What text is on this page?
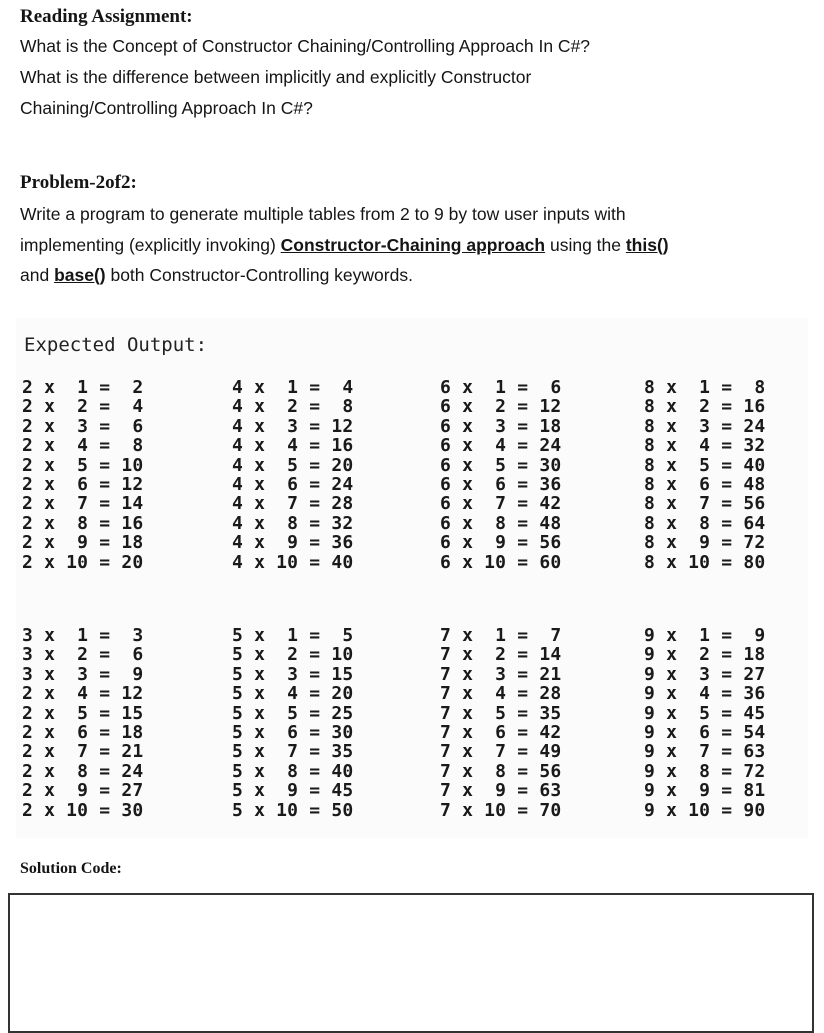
Reading Assignment:
What is the Concept of Constructor Chaining/Controlling Approach In C#?
What is the difference between implicitly and explicitly Constructor
Chaining/Controlling Approach In C#?
Problem-2of2:
Write a program to generate multiple tables from 2 to 9 by tow user inputs with
implementing (explicitly invoking) Constructor-Chaining approach using the this()
and base() both Constructor-Controlling keywords.
Expected Output:
2 x  1 =  2
2 x  2 =  4
2 x  3 =  6
2 x  4 =  8
2 x  5 = 10
2 x  6 = 12
2 x  7 = 14
2 x  8 = 16
2 x  9 = 18
2 x 10 = 20
4 x  1 =  4
4 x  2 =  8
4 x  3 = 12
4 x  4 = 16
4 x  5 = 20
4 x  6 = 24
4 x  7 = 28
4 x  8 = 32
4 x  9 = 36
4 x 10 = 40
6 x  1 =  6
6 x  2 = 12
6 x  3 = 18
6 x  4 = 24
6 x  5 = 30
6 x  6 = 36
6 x  7 = 42
6 x  8 = 48
6 x  9 = 56
6 x 10 = 60
8 x  1 =  8
8 x  2 = 16
8 x  3 = 24
8 x  4 = 32
8 x  5 = 40
8 x  6 = 48
8 x  7 = 56
8 x  8 = 64
8 x  9 = 72
8 x 10 = 80
3 x  1 =  3
3 x  2 =  6
3 x  3 =  9
2 x  4 = 12
2 x  5 = 15
2 x  6 = 18
2 x  7 = 21
2 x  8 = 24
2 x  9 = 27
2 x 10 = 30
5 x  1 =  5
5 x  2 = 10
5 x  3 = 15
5 x  4 = 20
5 x  5 = 25
5 x  6 = 30
5 x  7 = 35
5 x  8 = 40
5 x  9 = 45
5 x 10 = 50
7 x  1 =  7
7 x  2 = 14
7 x  3 = 21
7 x  4 = 28
7 x  5 = 35
7 x  6 = 42
7 x  7 = 49
7 x  8 = 56
7 x  9 = 63
7 x 10 = 70
9 x  1 =  9
9 x  2 = 18
9 x  3 = 27
9 x  4 = 36
9 x  5 = 45
9 x  6 = 54
9 x  7 = 63
9 x  8 = 72
9 x  9 = 81
9 x 10 = 90
Solution Code:
